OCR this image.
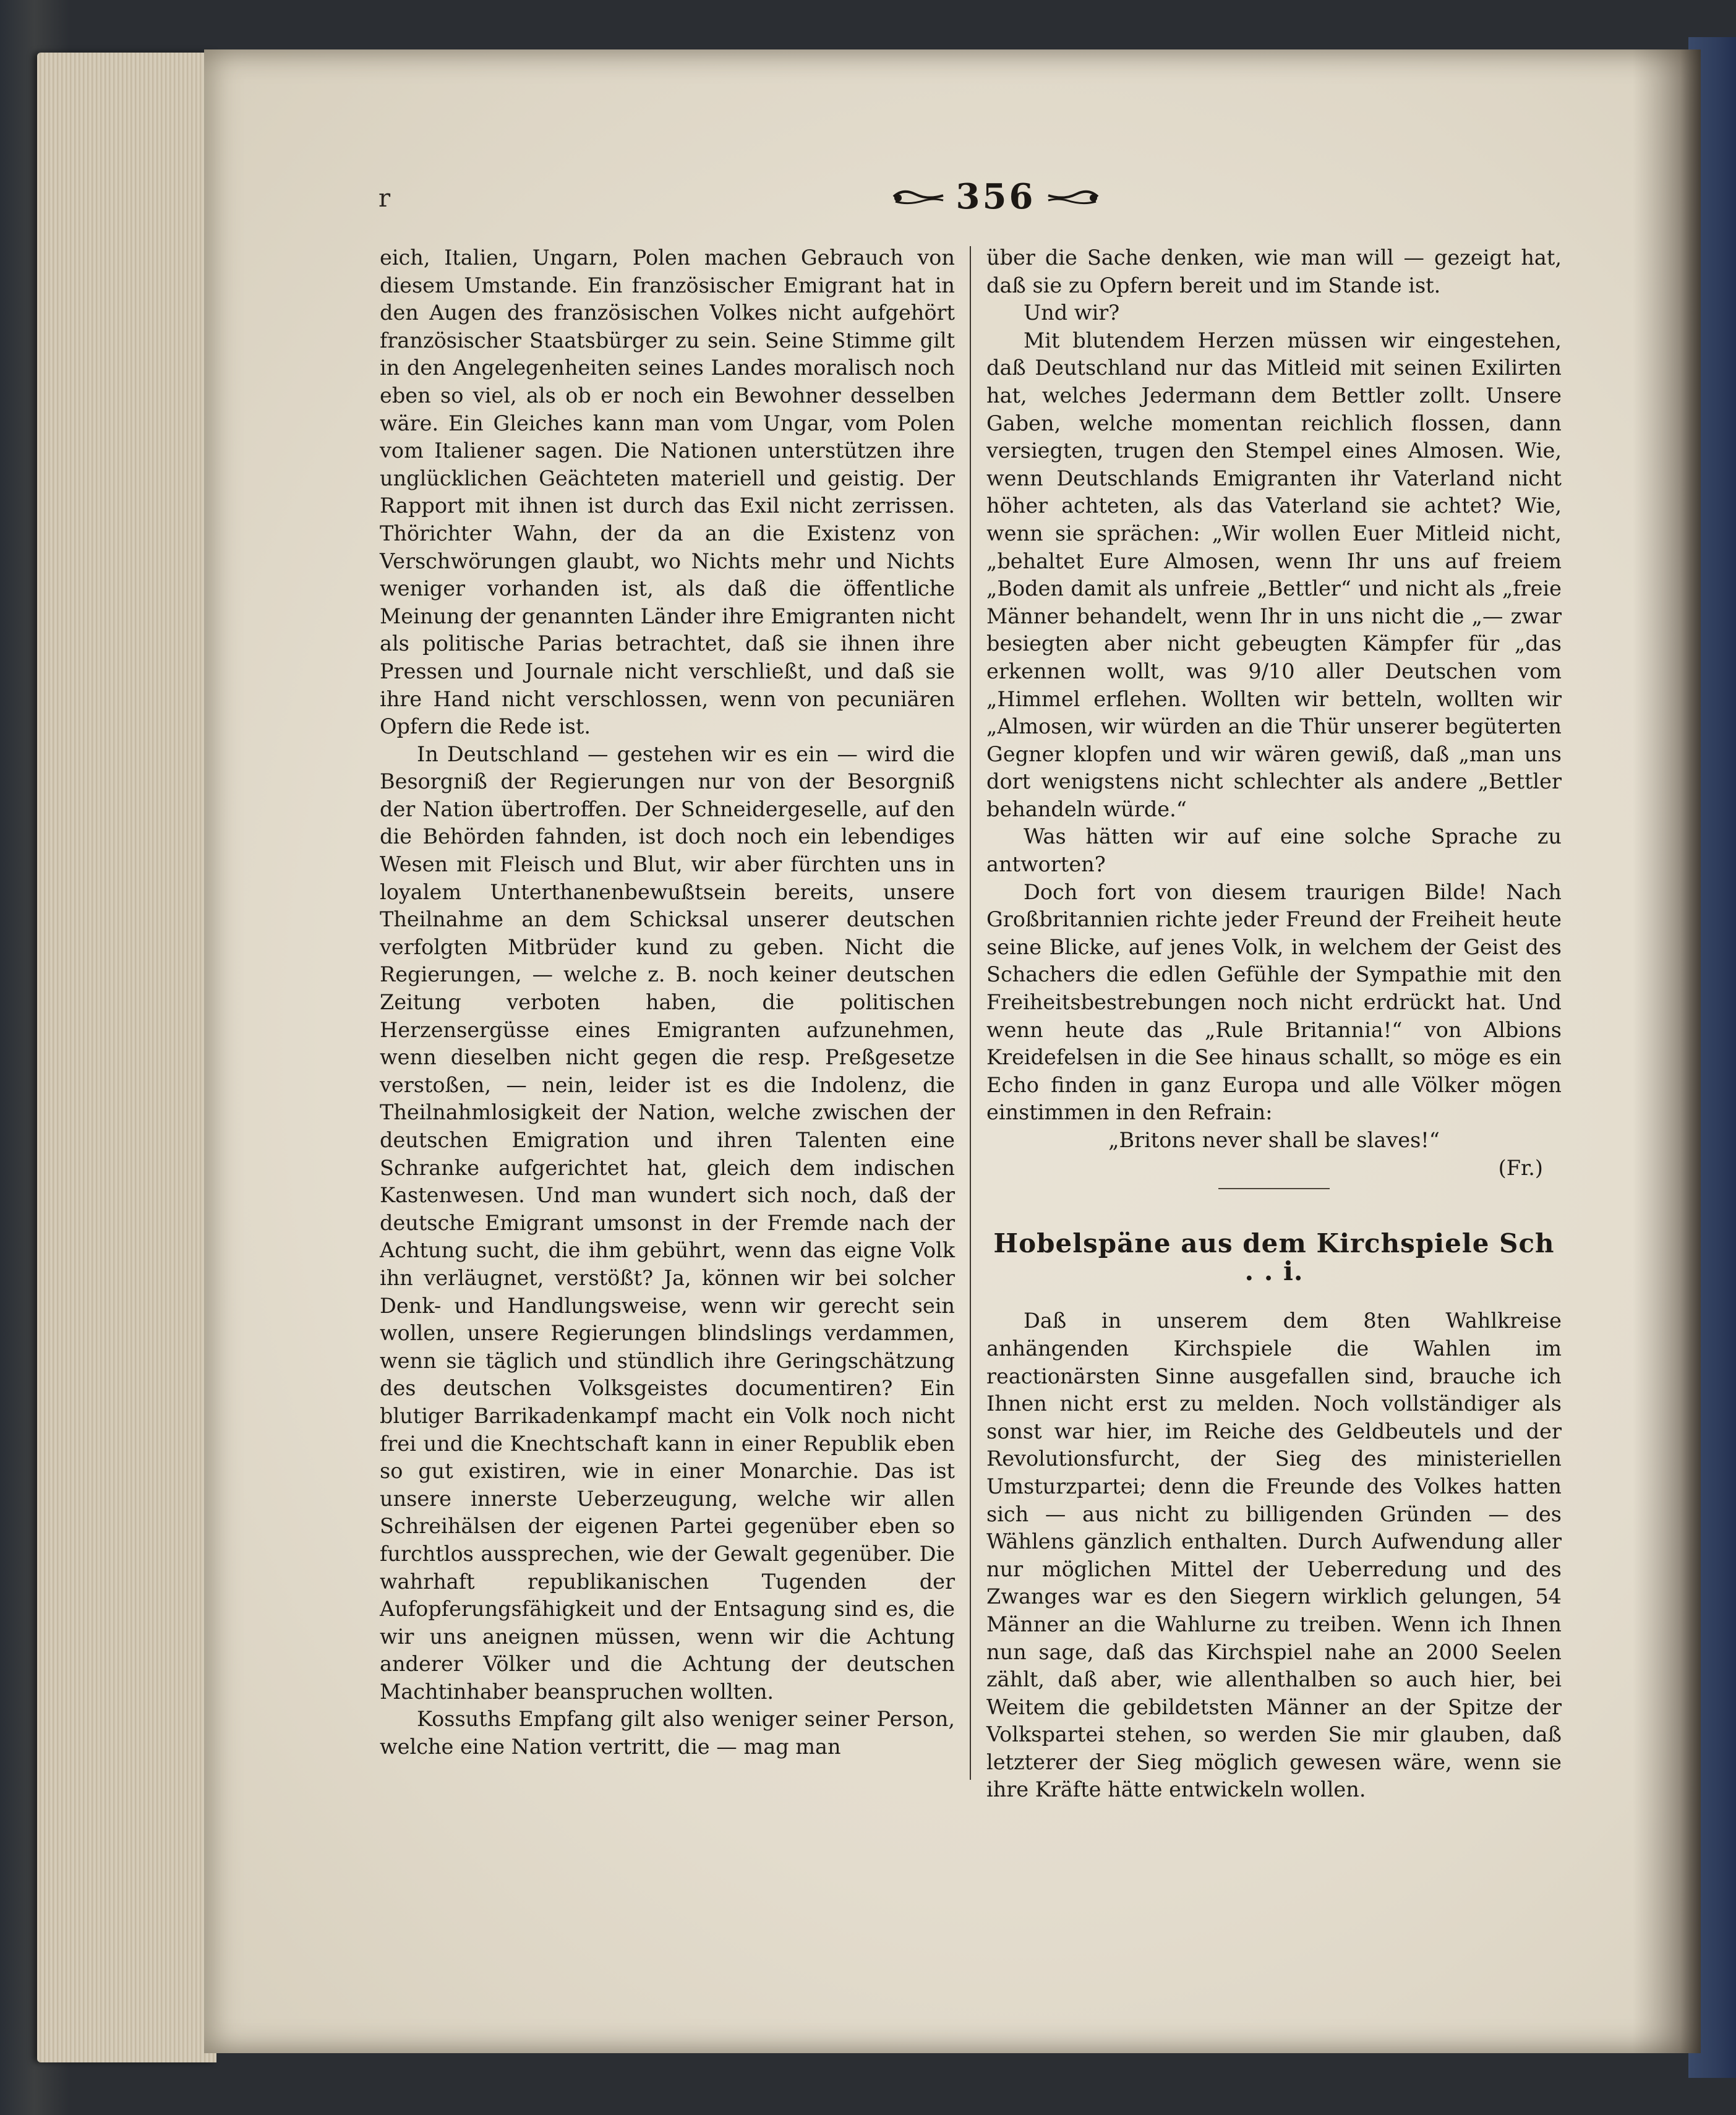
r	356

eich, Italien, Ungarn, Polen machen Gebrauch von diesem Umstande. Ein französischer Emigrant hat in den Augen des französischen Volkes nicht aufgehört französischer Staatsbürger zu sein. Seine Stimme gilt in den Angelegenheiten seines Landes moralisch noch eben so viel, als ob er noch ein Bewohner desselben wäre. Ein Gleiches kann man vom Ungar, vom Polen vom Italiener sagen. Die Nationen unterstützen ihre unglücklichen Geächteten materiell und geistig. Der Rapport mit ihnen ist durch das Exil nicht zerrissen. Thörichter Wahn, der da an die Existenz von Verschwörungen glaubt, wo Nichts mehr und Nichts weniger vorhanden ist, als daß die öffentliche Meinung der genannten Länder ihre Emigranten nicht als politische Parias betrachtet, daß sie ihnen ihre Pressen und Journale nicht verschließt, und daß sie ihre Hand nicht verschlossen, wenn von pecuniären Opfern die Rede ist.

In Deutschland — gestehen wir es ein — wird die Besorgniß der Regierungen nur von der Besorgniß der Nation übertroffen. Der Schneidergeselle, auf den die Behörden fahnden, ist doch noch ein lebendiges Wesen mit Fleisch und Blut, wir aber fürchten uns in loyalem Unterthanenbewußtsein bereits, unsere Theilnahme an dem Schicksal unserer deutschen verfolgten Mitbrüder kund zu geben. Nicht die Regierungen, — welche z. B. noch keiner deutschen Zeitung verboten haben, die politischen Herzensergüsse eines Emigranten aufzunehmen, wenn dieselben nicht gegen die resp. Preßgesetze verstoßen, — nein, leider ist es die Indolenz, die Theilnahmlosigkeit der Nation, welche zwischen der deutschen Emigration und ihren Talenten eine Schranke aufgerichtet hat, gleich dem indischen Kastenwesen. Und man wundert sich noch, daß der deutsche Emigrant umsonst in der Fremde nach der Achtung sucht, die ihm gebührt, wenn das eigne Volk ihn verläugnet, verstößt? Ja, können wir bei solcher Denk- und Handlungsweise, wenn wir gerecht sein wollen, unsere Regierungen blindslings verdammen, wenn sie täglich und stündlich ihre Geringschätzung des deutschen Volksgeistes documentiren? Ein blutiger Barrikadenkampf macht ein Volk noch nicht frei und die Knechtschaft kann in einer Republik eben so gut existiren, wie in einer Monarchie. Das ist unsere innerste Ueberzeugung, welche wir allen Schreihälsen der eigenen Partei gegenüber eben so furchtlos aussprechen, wie der Gewalt gegenüber. Die wahrhaft republikanischen Tugenden der Aufopferungsfähigkeit und der Entsagung sind es, die wir uns aneignen müssen, wenn wir die Achtung anderer Völker und die Achtung der deutschen Machtinhaber beanspruchen wollten.

Kossuths Empfang gilt also weniger seiner Person, welche eine Nation vertritt, die — mag man

über die Sache denken, wie man will — gezeigt hat, daß sie zu Opfern bereit und im Stande ist.

Und wir?

Mit blutendem Herzen müssen wir eingestehen, daß Deutschland nur das Mitleid mit seinen Exilirten hat, welches Jedermann dem Bettler zollt. Unsere Gaben, welche momentan reichlich flossen, dann versiegten, trugen den Stempel eines Almosen. Wie, wenn Deutschlands Emigranten ihr Vaterland nicht höher achteten, als das Vaterland sie achtet? Wie, wenn sie sprächen: „Wir wollen Euer Mitleid nicht, „behaltet Eure Almosen, wenn Ihr uns auf freiem „Boden damit als unfreie „Bettler“ und nicht als „freie Männer behandelt, wenn Ihr in uns nicht die „— zwar besiegten aber nicht gebeugten Kämpfer für „das erkennen wollt, was 9/10 aller Deutschen vom „Himmel erflehen. Wollten wir betteln, wollten wir „Almosen, wir würden an die Thür unserer begüterten Gegner klopfen und wir wären gewiß, daß „man uns dort wenigstens nicht schlechter als andere „Bettler behandeln würde.“

Was hätten wir auf eine solche Sprache zu antworten?

Doch fort von diesem traurigen Bilde! Nach Großbritannien richte jeder Freund der Freiheit heute seine Blicke, auf jenes Volk, in welchem der Geist des Schachers die edlen Gefühle der Sympathie mit den Freiheitsbestrebungen noch nicht erdrückt hat. Und wenn heute das „Rule Britannia!“ von Albions Kreidefelsen in die See hinaus schallt, so möge es ein Echo finden in ganz Europa und alle Völker mögen einstimmen in den Refrain:

„Britons never shall be slaves!“

(Fr.)

Hobelspäne aus dem Kirchspiele Sch . . i.

Daß in unserem dem 8ten Wahlkreise anhängenden Kirchspiele die Wahlen im reactionärsten Sinne ausgefallen sind, brauche ich Ihnen nicht erst zu melden. Noch vollständiger als sonst war hier, im Reiche des Geldbeutels und der Revolutionsfurcht, der Sieg des ministeriellen Umsturzpartei; denn die Freunde des Volkes hatten sich — aus nicht zu billigenden Gründen — des Wählens gänzlich enthalten. Durch Aufwendung aller nur möglichen Mittel der Ueberredung und des Zwanges war es den Siegern wirklich gelungen, 54 Männer an die Wahlurne zu treiben. Wenn ich Ihnen nun sage, daß das Kirchspiel nahe an 2000 Seelen zählt, daß aber, wie allenthalben so auch hier, bei Weitem die gebildetsten Männer an der Spitze der Volkspartei stehen, so werden Sie mir glauben, daß letzterer der Sieg möglich gewesen wäre, wenn sie ihre Kräfte hätte entwickeln wollen.
